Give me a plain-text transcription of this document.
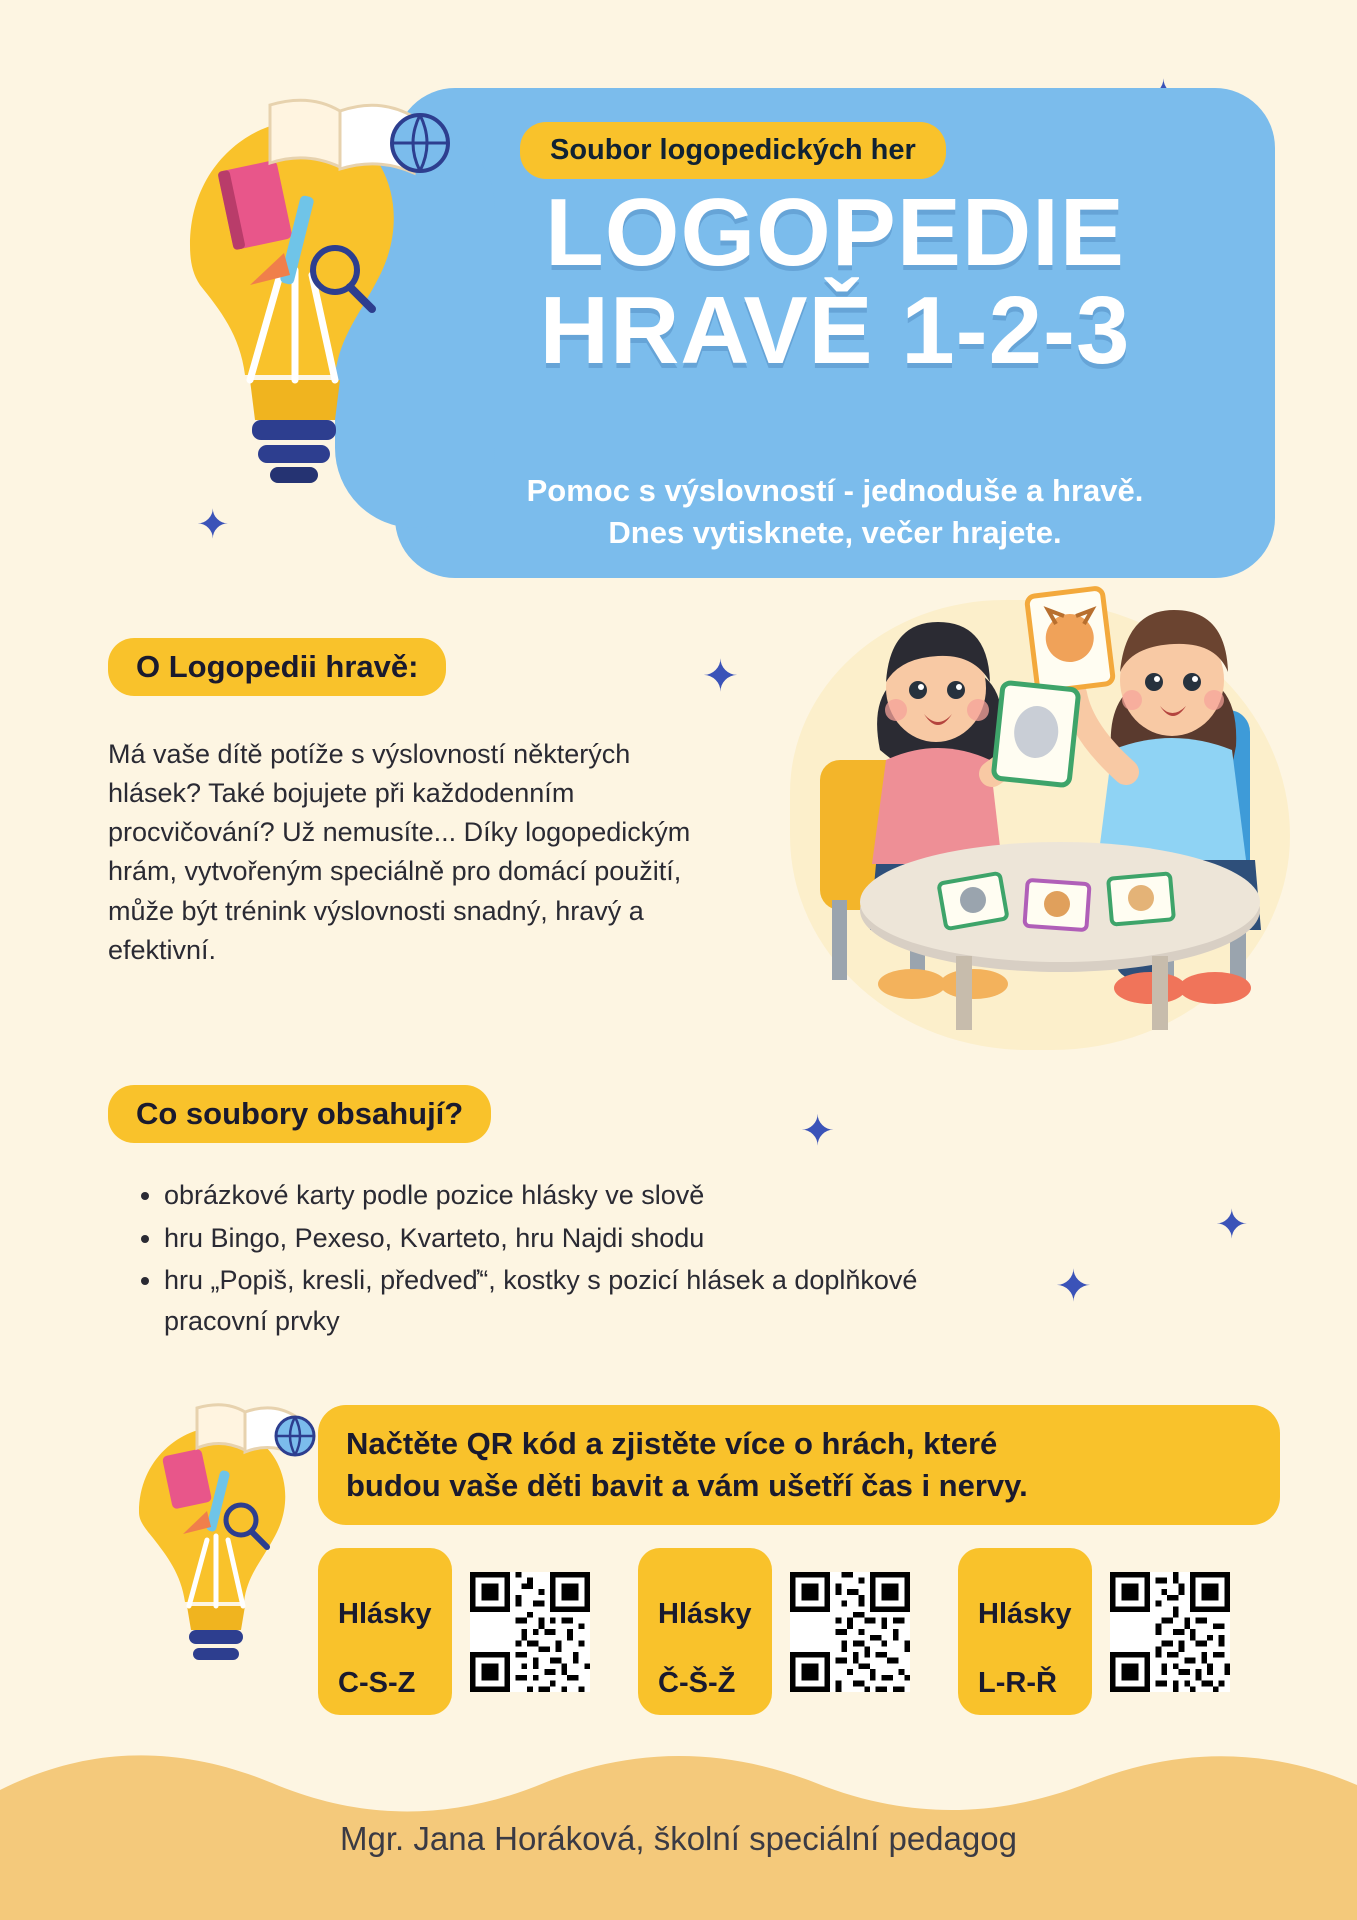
✦
✦
✦
✦
✦
Soubor logopedických her
LOGOPEDIE
HRAVĚ 1-2-3
Pomoc s výslovností - jednoduše a hravě.
Dnes vytisknete, večer hrajete.
O Logopedii hravě:
Má vaše dítě potíže s výslovností některých hlásek? Také bojujete při každodenním procvičování? Už nemusíte... Díky logopedickým hrám, vytvořeným speciálně pro domácí použití, může být trénink výslovnosti snadný, hravý a efektivní.
Co soubory obsahují?
• obrázkové karty podle pozice hlásky ve slově
• hru Bingo, Pexeso, Kvarteto, hru Najdi shodu
• hru „Popiš, kresli, předveď“, kostky s pozicí hlásek a doplňkové pracovní prvky
Načtěte QR kód a zjistěte více o hrách, které
budou vaše děti bavit a vám ušetří čas i nervy.

Hlásky

C-S-Z

Hlásky

Č-Š-Ž

Hlásky

L-R-Ř

Mgr. Jana Horáková, školní speciální pedagog
